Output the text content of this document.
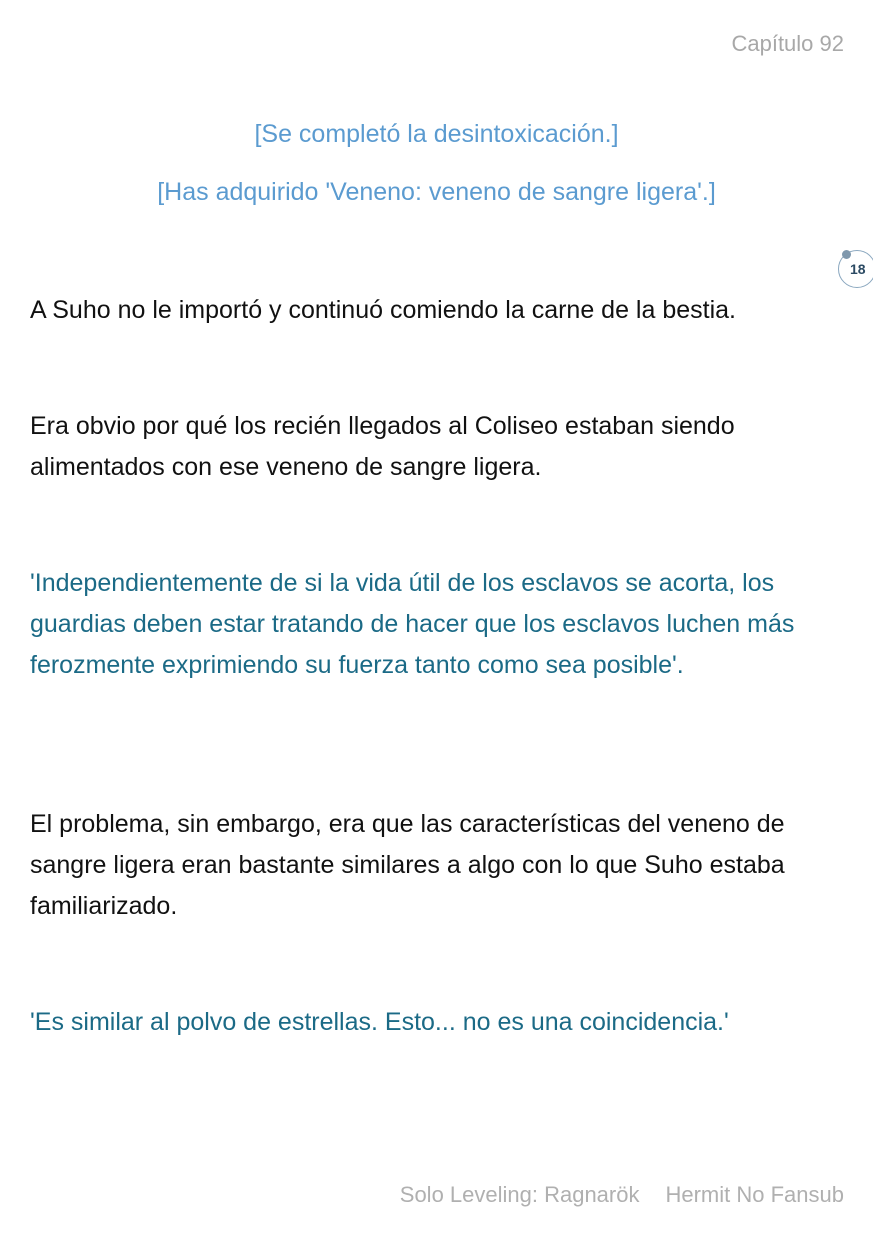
Capítulo 92
[Se completó la desintoxicación.]
[Has adquirido 'Veneno: veneno de sangre ligera'.]
18
A Suho no le importó y continuó comiendo la carne de la bestia.
Era obvio por qué los recién llegados al Coliseo estaban siendo alimentados con ese veneno de sangre ligera.
'Independientemente de si la vida útil de los esclavos se acorta, los guardias deben estar tratando de hacer que los esclavos luchen más ferozmente exprimiendo su fuerza tanto como sea posible'.
El problema, sin embargo, era que las características del veneno de sangre ligera eran bastante similares a algo con lo que Suho estaba familiarizado.
'Es similar al polvo de estrellas. Esto... no es una coincidencia.'
Solo Leveling: Ragnarök Hermit No Fansub
